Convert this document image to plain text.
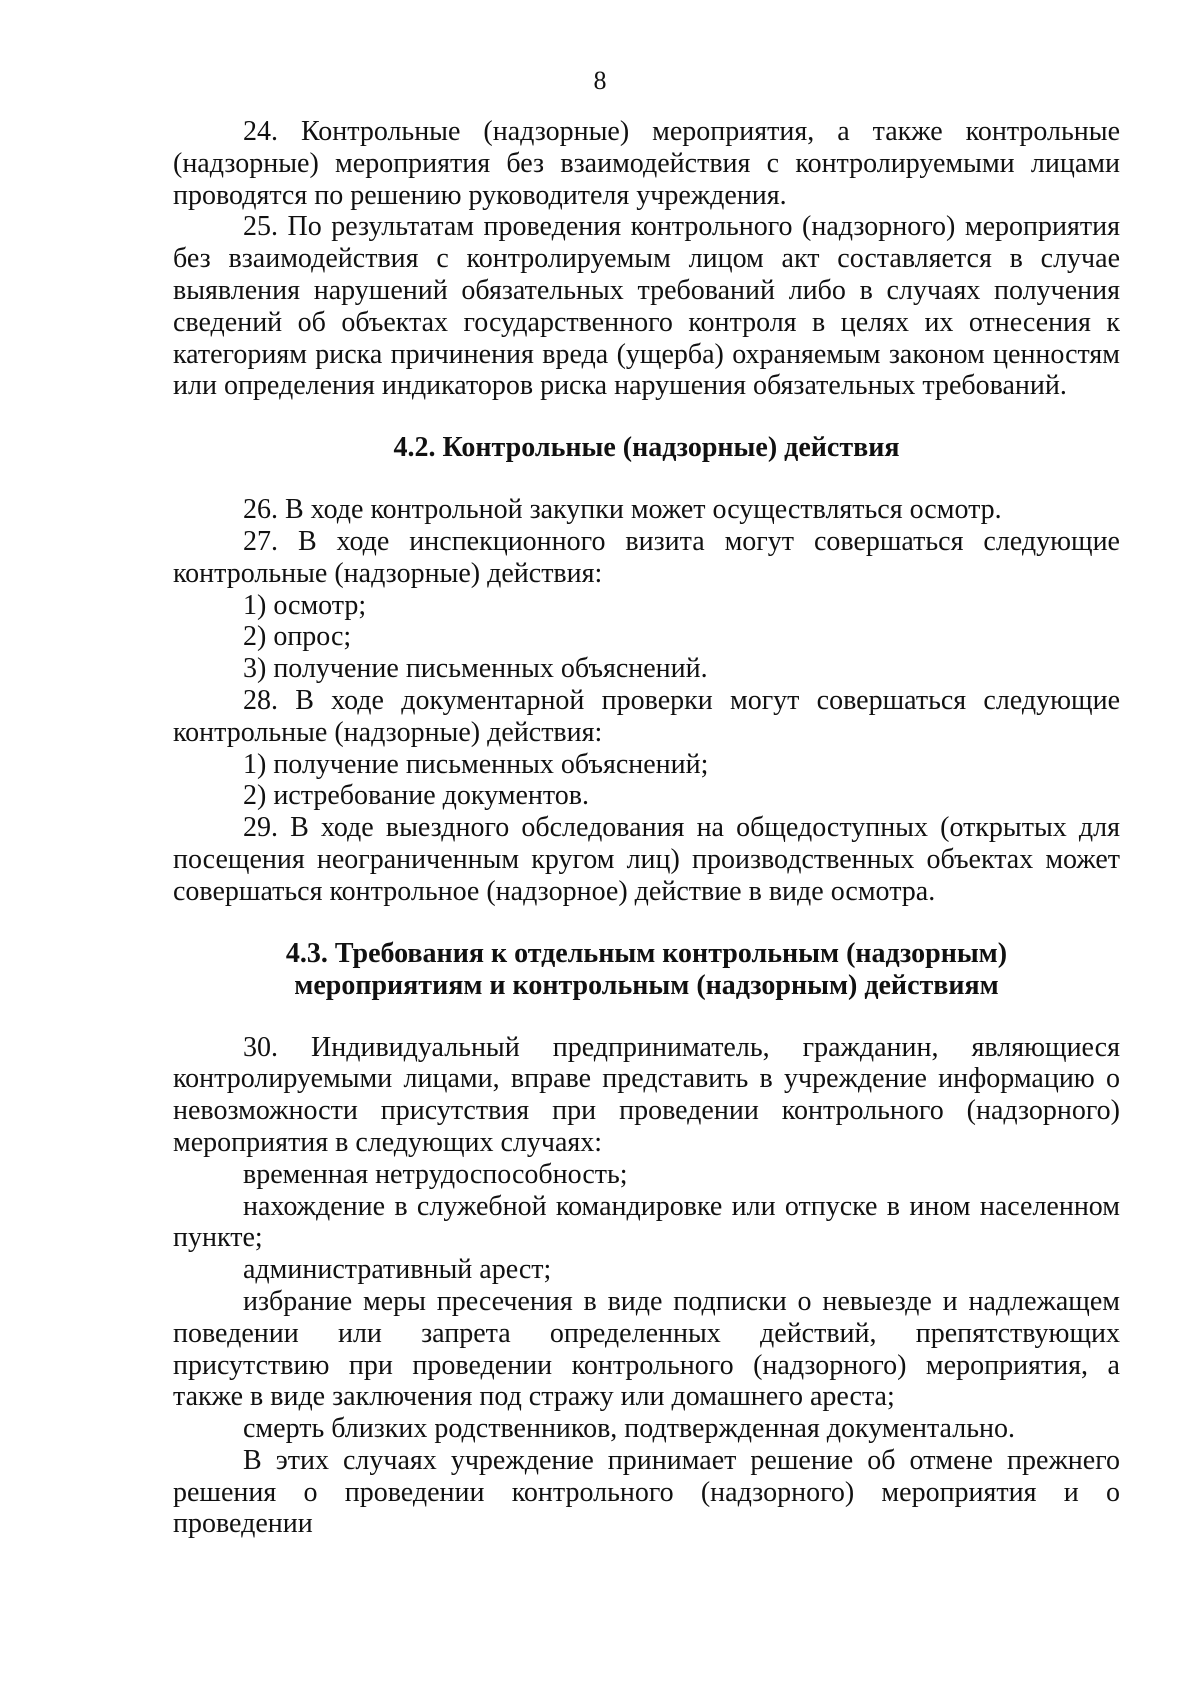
8

24. Контрольные (надзорные) мероприятия, а также контрольные (надзорные) мероприятия без взаимодействия с контролируемыми лицами проводятся по решению руководителя учреждения.

25. По результатам проведения контрольного (надзорного) мероприятия без взаимодействия с контролируемым лицом акт составляется в случае выявления нарушений обязательных требований либо в случаях получения сведений об объектах государственного контроля в целях их отнесения к категориям риска причинения вреда (ущерба) охраняемым законом ценностям или определения индикаторов риска нарушения обязательных требований.

4.2. Контрольные (надзорные) действия

26. В ходе контрольной закупки может осуществляться осмотр.

27. В ходе инспекционного визита могут совершаться следующие контрольные (надзорные) действия:

1) осмотр;

2) опрос;

3) получение письменных объяснений.

28. В ходе документарной проверки могут совершаться следующие контрольные (надзорные) действия:

1) получение письменных объяснений;

2) истребование документов.

29. В ходе выездного обследования на общедоступных (открытых для посещения неограниченным кругом лиц) производственных объектах может совершаться контрольное (надзорное) действие в виде осмотра.

4.3. Требования к отдельным контрольным (надзорным)
мероприятиям и контрольным (надзорным) действиям

30. Индивидуальный предприниматель, гражданин, являющиеся контролируемыми лицами, вправе представить в учреждение информацию о невозможности присутствия при проведении контрольного (надзорного) мероприятия в следующих случаях:

временная нетрудоспособность;

нахождение в служебной командировке или отпуске в ином населенном пункте;

административный арест;

избрание меры пресечения в виде подписки о невыезде и надлежащем поведении или запрета определенных действий, препятствующих присутствию при проведении контрольного (надзорного) мероприятия, а также в виде заключения под стражу или домашнего ареста;

смерть близких родственников, подтвержденная документально.

В этих случаях учреждение принимает решение об отмене прежнего решения о проведении контрольного (надзорного) мероприятия и о проведении
